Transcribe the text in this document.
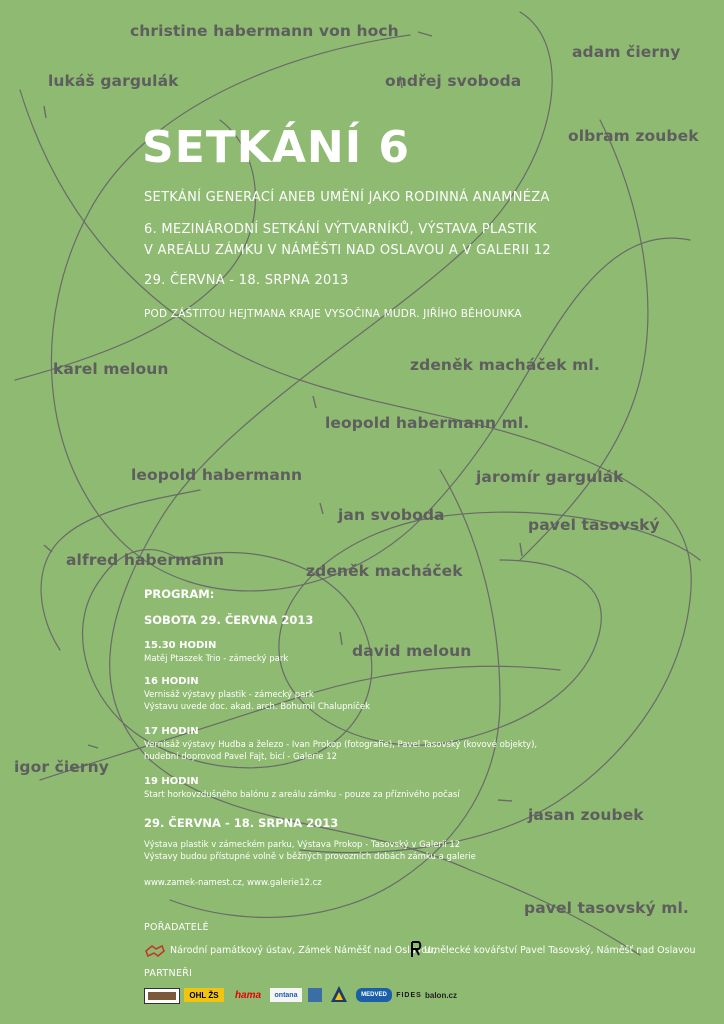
christine habermann von hoch
adam čierny
lukáš gargulák	ondřej svoboda
olbram zoubek
SETKÁNÍ 6
SETKÁNÍ GENERACÍ ANEB UMĚNÍ JAKO RODINNÁ ANAMNÉZA
6. MEZINÁRODNÍ SETKÁNÍ VÝTVARNÍKŮ, VÝSTAVA PLASTIK
V AREÁLU ZÁMKU V NÁMĚŠTI NAD OSLAVOU A V GALERII 12
29. ČERVNA - 18. SRPNA 2013
POD ZÁŠTITOU HEJTMANA KRAJE VYSOČINA MUDR. JIŘÍHO BĚHOUNKA
karel meloun	zdeněk macháček ml.
leopold habermann ml.
leopold habermann	jaromír gargulák
jan svoboda
pavel tasovský
alfred habermann
zdeněk macháček
david meloun
igor čierny
jasan zoubek
pavel tasovský ml.
PROGRAM:
SOBOTA 29. ČERVNA 2013
15.30 HODIN
Matěj Ptaszek Trio - zámecký park
16 HODIN
Vernisáž výstavy plastik - zámecký park
Výstavu uvede doc. akad. arch. Bohumil Chalupníček
17 HODIN
Vernisáž výstavy Hudba a železo - Ivan Prokop (fotografie), Pavel Tasovský (kovové objekty),
hudební doprovod Pavel Fajt, bicí - Galerie 12
19 HODIN
Start horkovzdušného balónu z areálu zámku - pouze za příznivého počasí
29. ČERVNA - 18. SRPNA 2013
Výstava plastik v zámeckém parku, Výstava Prokop - Tasovský v Galerii 12
Výstavy budou přístupné volně v běžných provozních dobách zámku a galerie
www.zamek-namest.cz, www.galerie12.cz
POŘADATELÉ
Národní památkový ústav, Zámek Náměšť nad Oslavou,
Umělecké kovářství Pavel Tasovský, Náměšť nad Oslavou
PARTNEŘI
OHL ŽS	hama	ontana	MEDVED	FIDES balon.cz
